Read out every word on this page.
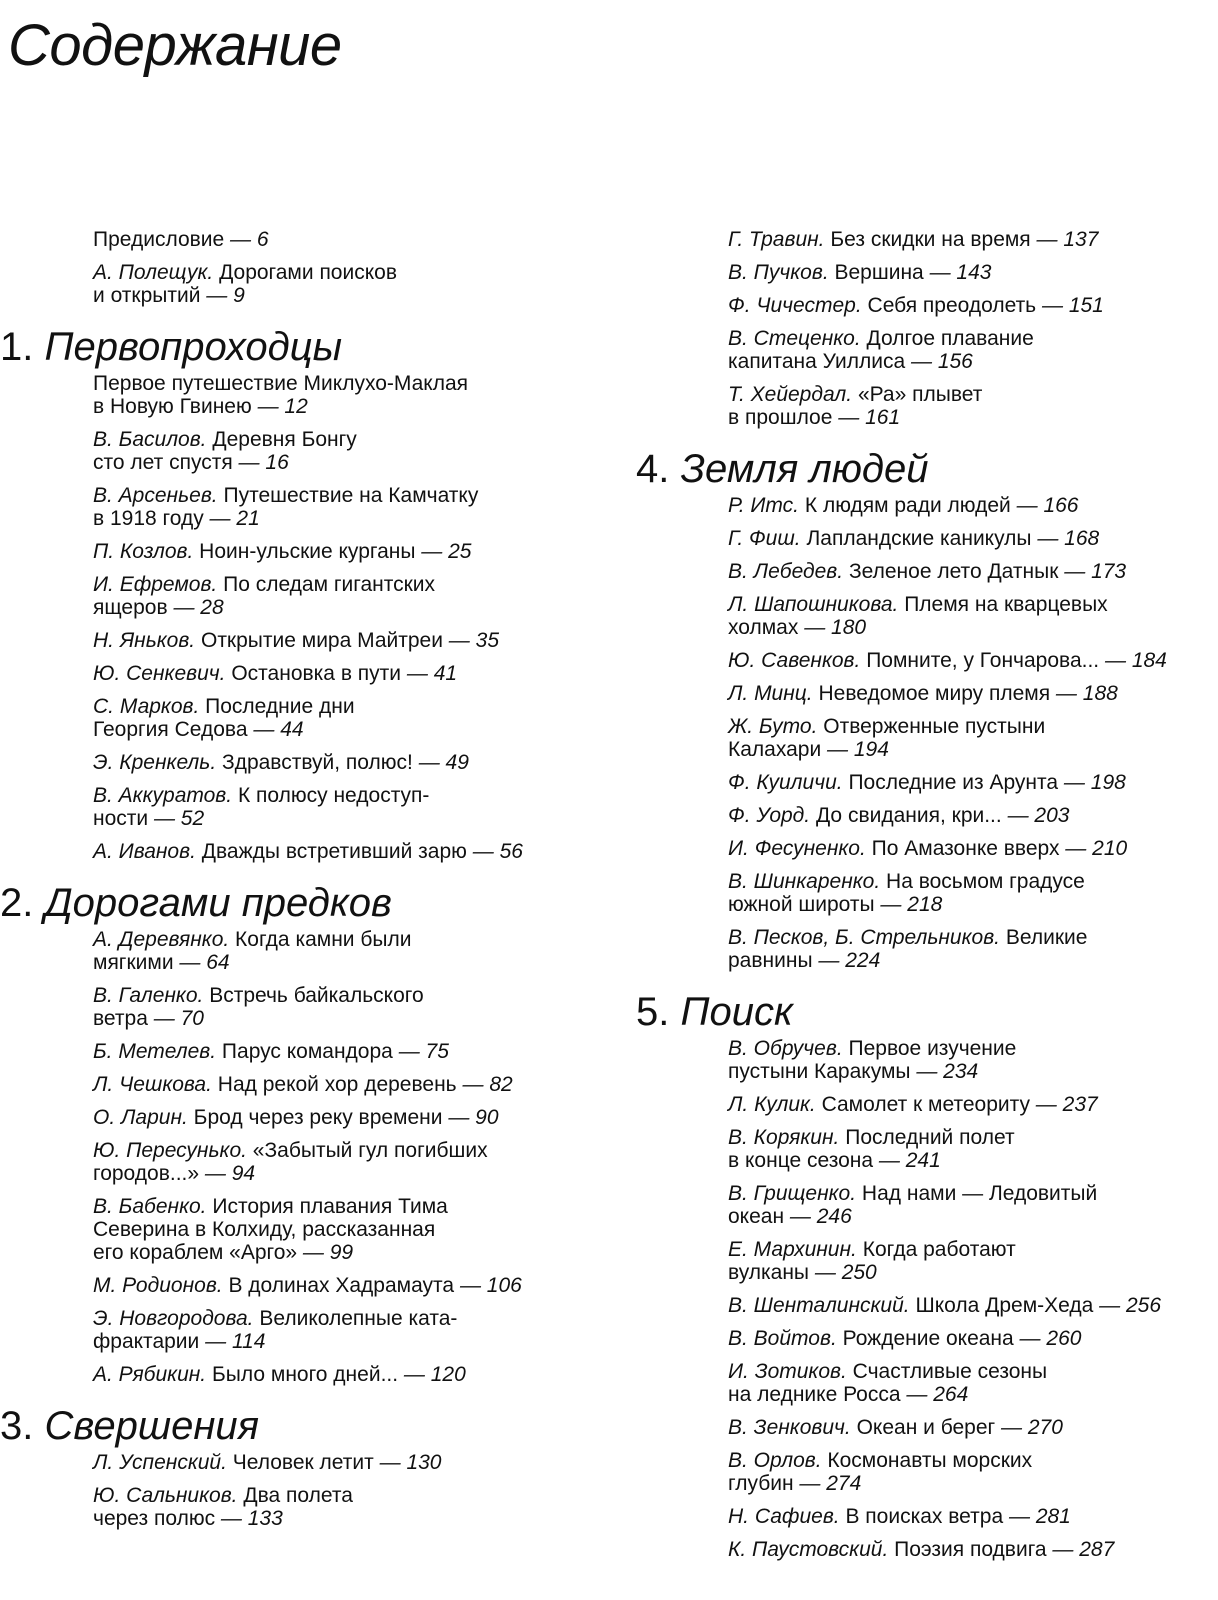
Содержание
Предисловие — 6
А. Полещук. Дорогами поисков
и открытий — 9
1. Первопроходцы
Первое путешествие Миклухо-Маклая
в Новую Гвинею — 12
В. Басилов. Деревня Бонгу
сто лет спустя — 16
В. Арсеньев. Путешествие на Камчатку
в 1918 году — 21
П. Козлов. Ноин-ульские курганы — 25
И. Ефремов. По следам гигантских
ящеров — 28
Н. Яньков. Открытие мира Майтреи — 35
Ю. Сенкевич. Остановка в пути — 41
С. Марков. Последние дни
Георгия Седова — 44
Э. Кренкель. Здравствуй, полюс! — 49
В. Аккуратов. К полюсу недоступ-
ности — 52
А. Иванов. Дважды встретивший зарю — 56
2. Дорогами предков
А. Деревянко. Когда камни были
мягкими — 64
В. Галенко. Встречь байкальского
ветра — 70
Б. Метелев. Парус командора — 75
Л. Чешкова. Над рекой хор деревень — 82
О. Ларин. Брод через реку времени — 90
Ю. Пересунько. «Забытый гул погибших
городов...» — 94
В. Бабенко. История плавания Тима
Северина в Колхиду, рассказанная
его кораблем «Арго» — 99
М. Родионов. В долинах Хадрамаута — 106
Э. Новгородова. Великолепные ката-
фрактарии — 114
А. Рябикин. Было много дней... — 120
3. Свершения
Л. Успенский. Человек летит — 130
Ю. Сальников. Два полета
через полюс — 133
Г. Травин. Без скидки на время — 137
В. Пучков. Вершина — 143
Ф. Чичестер. Себя преодолеть — 151
В. Стеценко. Долгое плавание
капитана Уиллиса — 156
Т. Хейердал. «Ра» плывет
в прошлое — 161
4. Земля людей
Р. Итс. К людям ради людей — 166
Г. Фиш. Лапландские каникулы — 168
В. Лебедев. Зеленое лето Датнык — 173
Л. Шапошникова. Племя на кварцевых
холмах — 180
Ю. Савенков. Помните, у Гончарова... — 184
Л. Минц. Неведомое миру племя — 188
Ж. Буто. Отверженные пустыни
Калахари — 194
Ф. Куиличи. Последние из Арунта — 198
Ф. Уорд. До свидания, кри... — 203
И. Фесуненко. По Амазонке вверх — 210
В. Шинкаренко. На восьмом градусе
южной широты — 218
В. Песков, Б. Стрельников. Великие
равнины — 224
5. Поиск
В. Обручев. Первое изучение
пустыни Каракумы — 234
Л. Кулик. Самолет к метеориту — 237
В. Корякин. Последний полет
в конце сезона — 241
В. Грищенко. Над нами — Ледовитый
океан — 246
Е. Мархинин. Когда работают
вулканы — 250
В. Шенталинский. Школа Дрем-Хеда — 256
В. Войтов. Рождение океана — 260
И. Зотиков. Счастливые сезоны
на леднике Росса — 264
В. Зенкович. Океан и берег — 270
В. Орлов. Космонавты морских
глубин — 274
Н. Сафиев. В поисках ветра — 281
К. Паустовский. Поэзия подвига — 287
